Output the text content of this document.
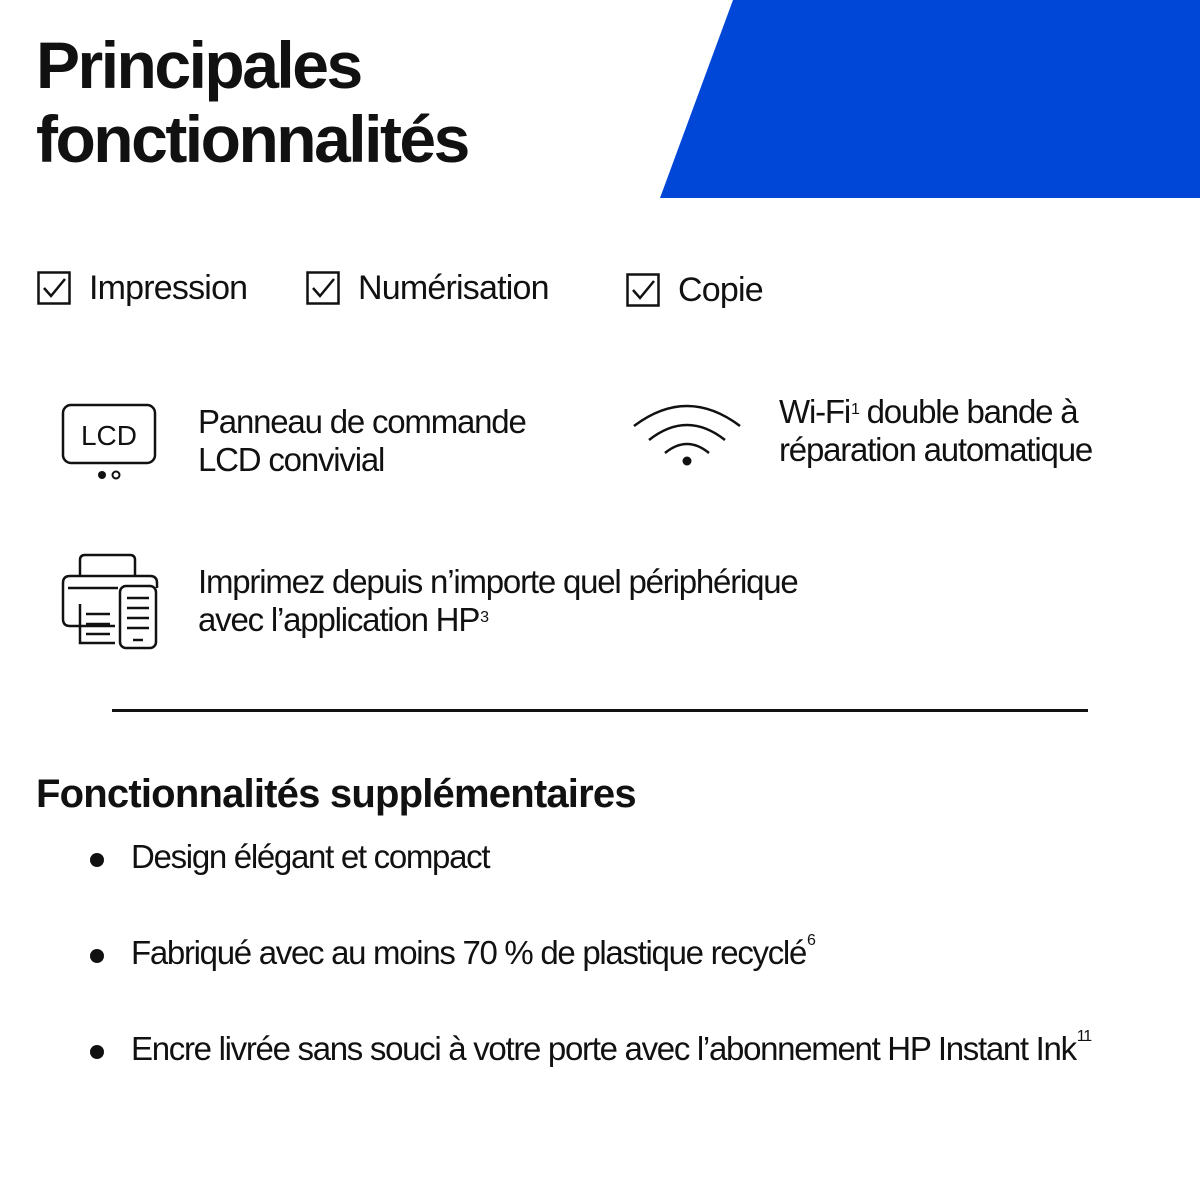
Principales
fonctionnalités
Impression	Numérisation	Copie
LCD Panneau de commande
LCD convivial
Wi-Fi$^1$ double bande à
réparation automatique
Imprimez depuis n’importe quel périphérique
avec l’application $HP^3$
Fonctionnalités supplémentaires
Design élégant et compact
Fabriqué avec au moins 70 % de plastique recyclé$^6$
Encre livrée sans souci à votre porte avec l’abonnement HP Instant Ink$^{11}$
